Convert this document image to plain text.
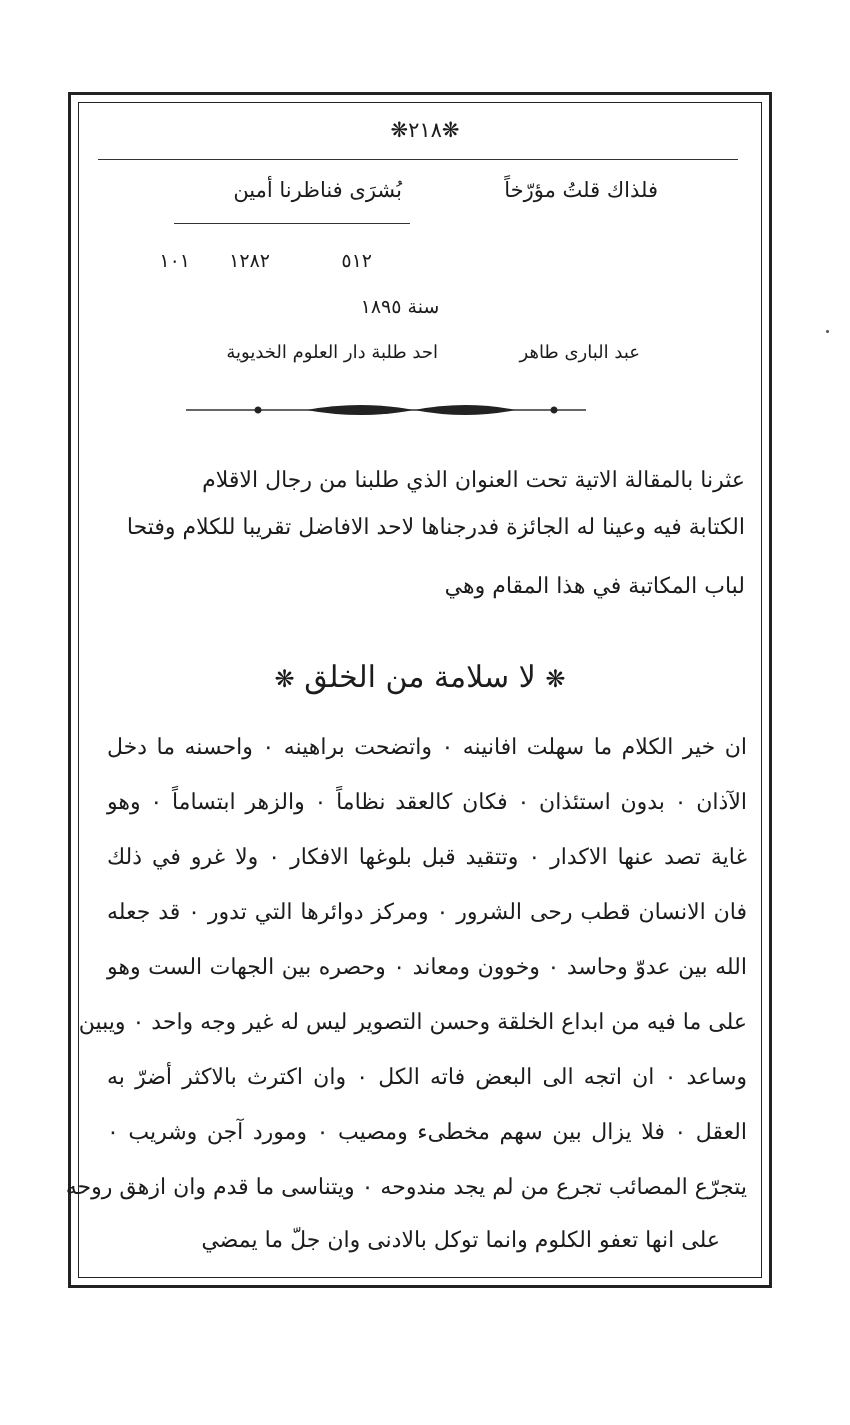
❋٢١٨❋
فلذاك قلتُ مؤرّخاً
بُشرَى فناظرنا أمين
٥١٢
١٢٨٢
١٠١
سنة ١٨٩٥
عبد البارى طاهر
احد طلبة دار العلوم الخديوية
عثرنا بالمقالة الاتية تحت العنوان الذي طلبنا من رجال الاقلام
الكتابة فيه وعينا له الجائزة فدرجناها لاحد الافاضل تقريبا للكلام وفتحا
لباب المكاتبة في هذا المقام وهي
❋ لا سلامة من الخلق ❋
ان خير الكلام ما سهلت افانينه ٠ واتضحت براهينه ٠ واحسنه ما دخل
الآذان ٠ بدون استئذان ٠ فكان كالعقد نظاماً ٠ والزهر ابتساماً ٠ وهو
غاية تصد عنها الاكدار ٠ وتتقيد قبل بلوغها الافكار ٠ ولا غرو في ذلك
فان الانسان قطب رحى الشرور ٠ ومركز دوائرها التي تدور ٠ قد جعله
الله بين عدوّ وحاسد ٠ وخوون ومعاند ٠ وحصره بين الجهات الست وهو
على ما فيه من ابداع الخلقة وحسن التصوير ليس له غير وجه واحد ٠ ويبين
وساعد ٠ ان اتجه الى البعض فاته الكل ٠ وان اكترث بالاكثر أضرّ به
العقل ٠ فلا يزال بين سهم مخطىء ومصيب ٠ ومورد آجن وشريب ٠
يتجرّع المصائب تجرع من لم يجد مندوحه ٠ ويتناسى ما قدم وان ازهق روحه
على انها تعفو الكلوم وانما توكل بالادنى وان جلّ ما يمضي
